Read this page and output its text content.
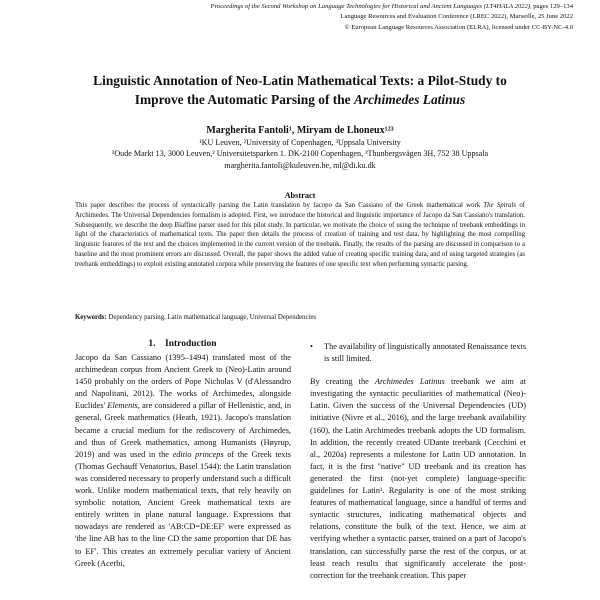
Proceedings of the Second Workshop on Language Technologies for Historical and Ancient Languages (LT4HALA 2022), pages 129–134
Language Resources and Evaluation Conference (LREC 2022), Marseille, 25 June 2022
© European Language Resources Association (ELRA), licensed under CC-BY-NC-4.0
Linguistic Annotation of Neo-Latin Mathematical Texts: a Pilot-Study to
Improve the Automatic Parsing of the Archimedes Latinus
Margherita Fantoli¹, Miryam de Lhoneux¹²³
¹KU Leuven, ²University of Copenhagen, ³Uppsala University
¹Oude Markt 13, 3000 Leuven,² Universitetsparken 1. DK-2100 Copenhagen, ³Thunbergsvägen 3H, 752 38 Uppsala
margherita.fantoli@kuleuven.be, ml@di.ku.dk
Abstract

This paper describes the process of syntactically parsing the Latin translation by Jacopo da San Cassiano of the Greek mathematical work The Spirals of Archimedes. The Universal Dependencies formalism is adopted. First, we introduce the historical and linguistic importance of Jacopo da San Cassiano's translation. Subsequently, we describe the deep Biaffine parser used for this pilot study. In particular, we motivate the choice of using the technique of treebank embeddings in light of the characteristics of mathematical texts. The paper then details the process of creation of training and test data, by highlighting the most compelling linguistic features of the text and the choices implemented in the current version of the treebank. Finally, the results of the parsing are discussed in comparison to a baseline and the most prominent errors are discussed. Overall, the paper shows the added value of creating specific training data, and of using targeted strategies (as treebank embeddings) to exploit existing annotated corpora while preserving the features of one specific text when performing syntactic parsing.

Keywords: Dependency parsing, Latin mathematical language, Universal Dependencies

1. Introduction

Jacopo da San Cassiano (1395–1494) translated most of the archimedean corpus from Ancient Greek to (Neo)-Latin around 1450 probably on the orders of Pope Nicholas V (d'Alessandro and Napolitani, 2012). The works of Archimedes, alongside Euclides' Elements, are considered a pillar of Hellenistic, and, in general, Greek mathematics (Heath, 1921). Jacopo's translation became a crucial medium for the rediscovery of Archimedes, and thus of Greek mathematics, among Humanists (Høyrup, 2019) and was used in the editio princeps of the Greek texts (Thomas Gechauff Venatorius, Basel 1544): the Latin translation was considered necessary to properly understand such a difficult work. Unlike modern mathematical texts, that rely heavily on symbolic notation, Ancient Greek mathematical texts are entirely written in plane natural language. Expressions that nowadays are rendered as 'AB:CD=DE:EF' were expressed as 'the line AB has to the line CD the same proportion that DE has to EF'. This creates an extremely peculiar variety of Ancient Greek (Acerbi,

•	The availability of linguistically annotated Renaissance texts is still limited.

By creating the Archimedes Latinus treebank we aim at investigating the syntactic peculiarities of mathematical (Neo)-Latin. Given the success of the Universal Dependencies (UD) initiative (Nivre et al., 2016), and the large treebank availability (160), the Latin Archimedes treebank adopts the UD formalism. In addition, the recently created UDante treebank (Cecchini et al., 2020a) represents a milestone for Latin UD annotation. In fact, it is the first "native" UD treebank and its creation has generated the first (not-yet complete) language-specific guidelines for Latin¹. Regularity is one of the most striking features of mathematical language, since a handful of terms and syntactic structures, indicating mathematical objects and relations, constitute the bulk of the text. Hence, we aim at verifying whether a syntactic parser, trained on a part of Jacopo's translation, can successfully parse the rest of the corpus, or at least reach results that significantly accelerate the post-correction for the treebank creation. This paper
